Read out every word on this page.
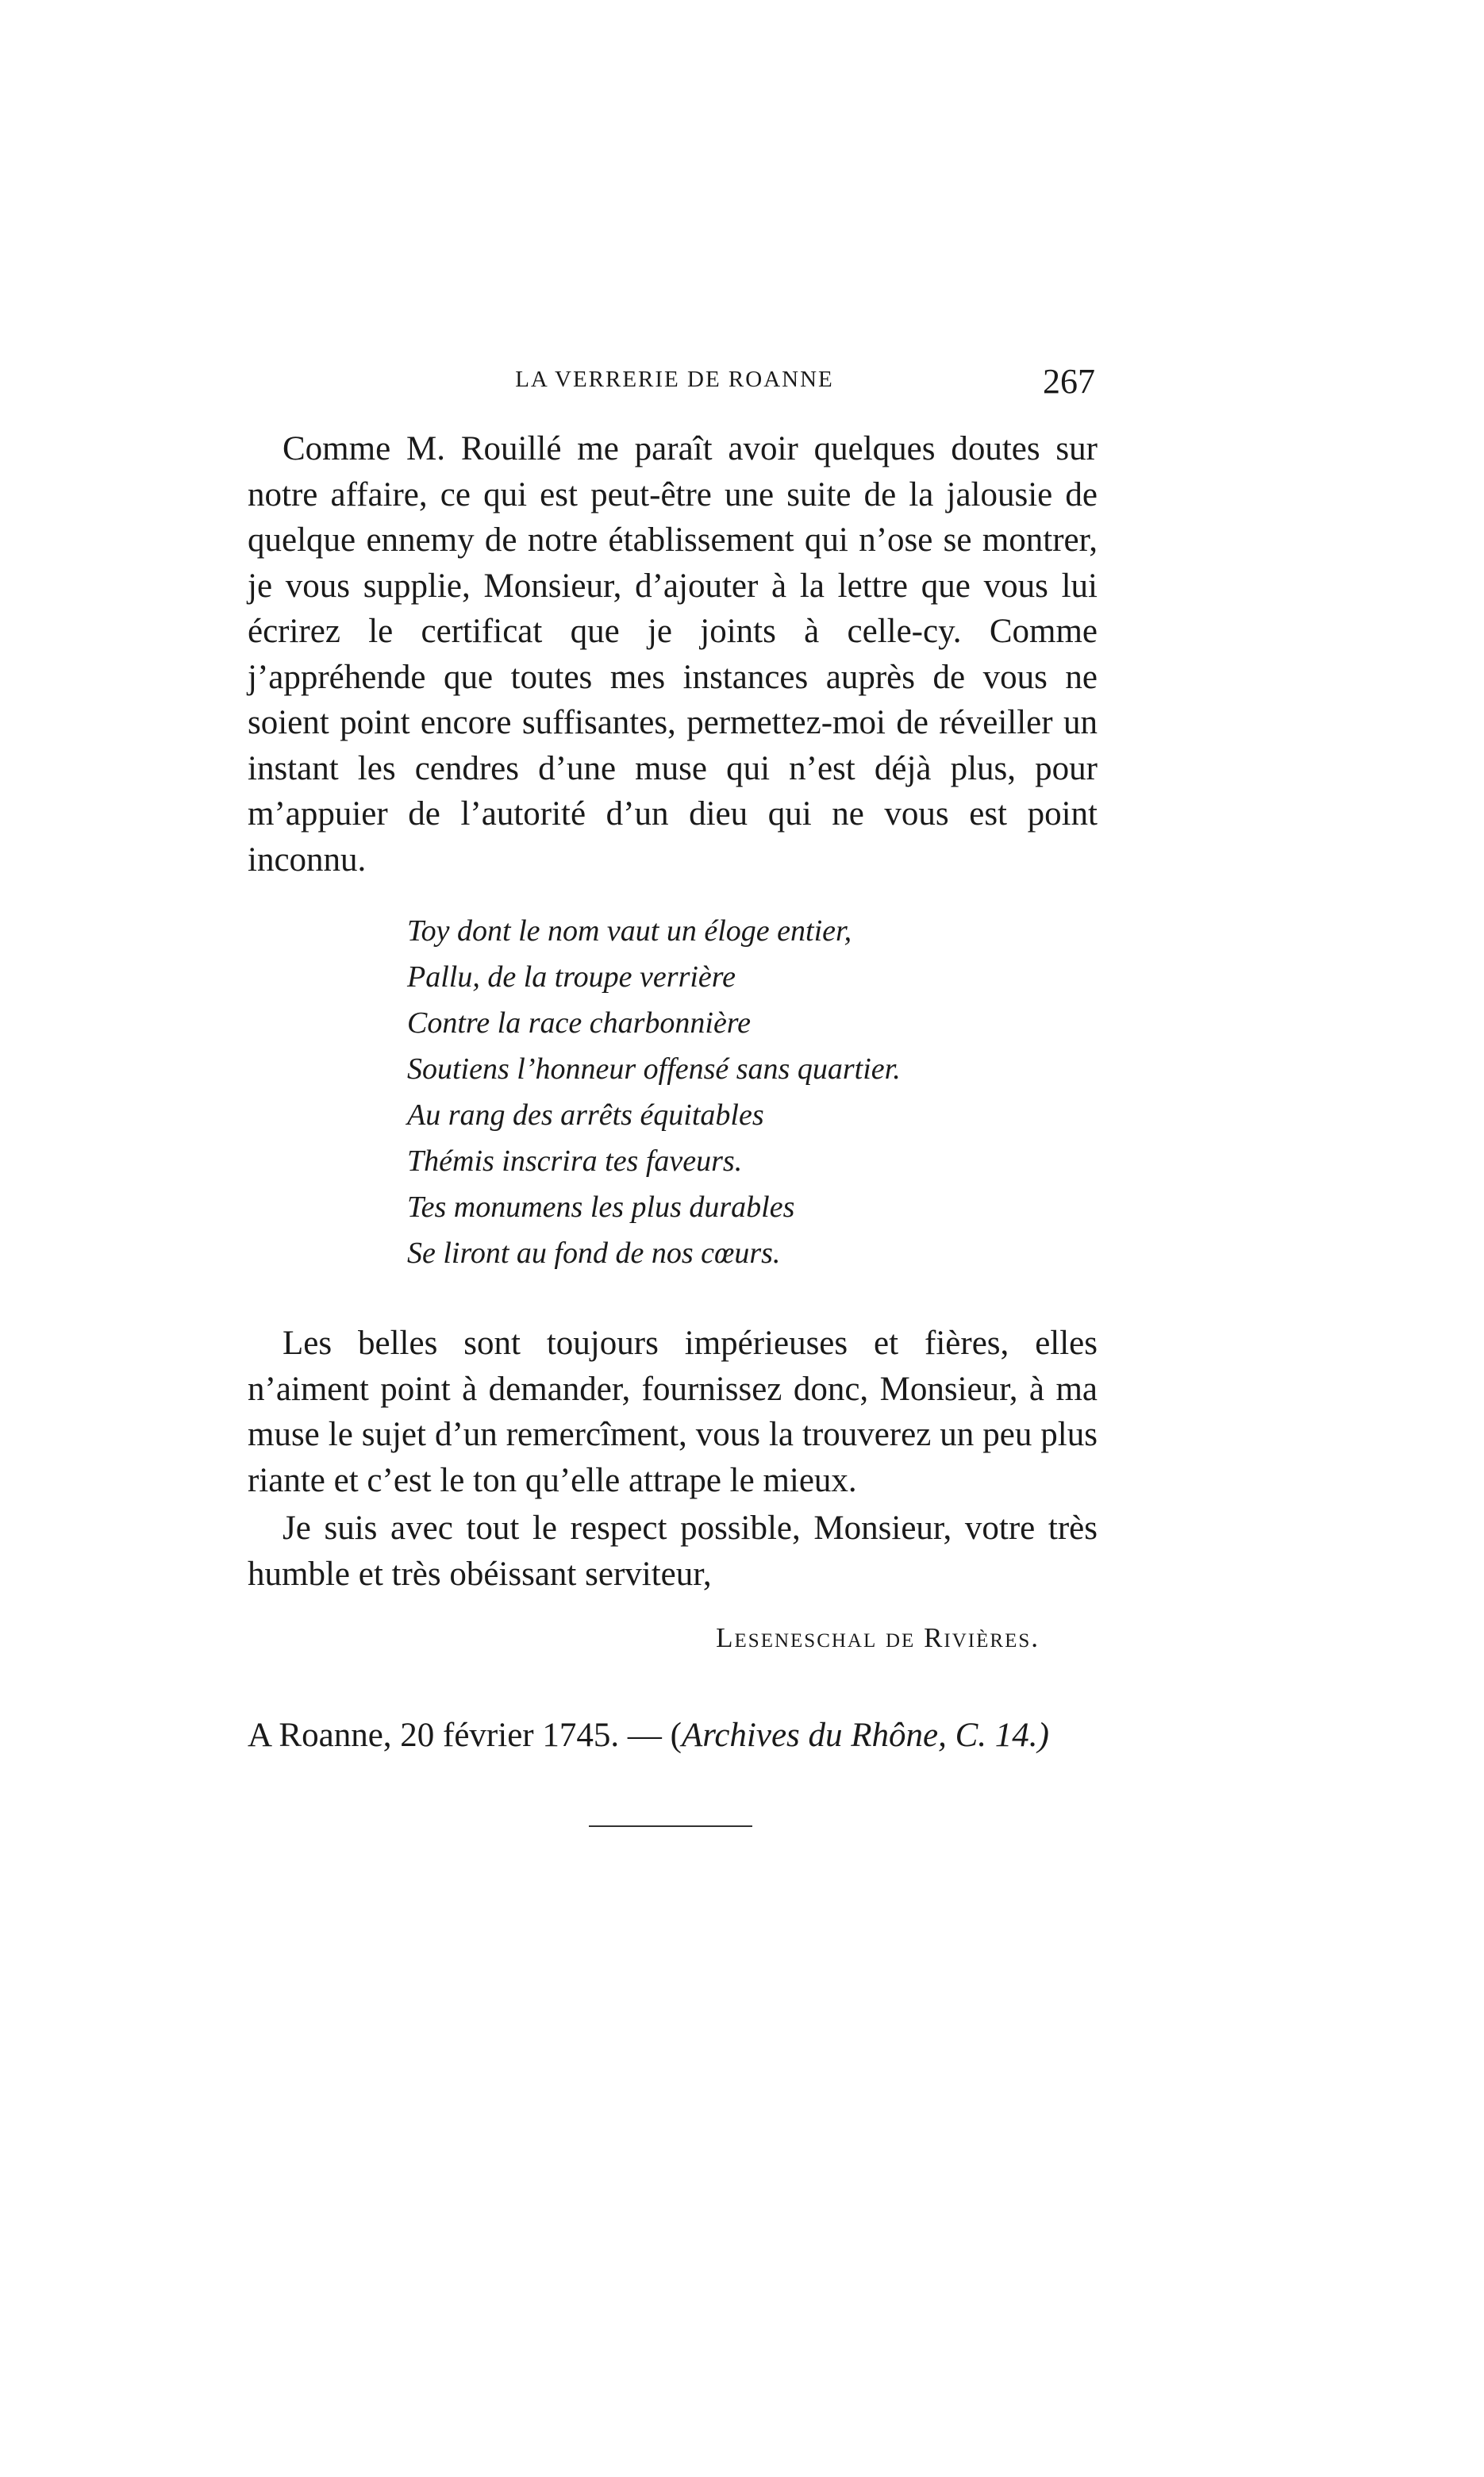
LA VERRERIE DE ROANNE	267

Comme M. Rouillé me paraît avoir quelques doutes sur notre affaire, ce qui est peut-être une suite de la jalousie de quelque ennemy de notre établissement qui n’ose se montrer, je vous supplie, Monsieur, d’ajouter à la lettre que vous lui écrirez le certificat que je joints à celle-cy. Comme j’appréhende que toutes mes instances auprès de vous ne soient point encore suffisantes, permettez-moi de réveiller un instant les cendres d’une muse qui n’est déjà plus, pour m’appuier de l’autorité d’un dieu qui ne vous est point inconnu.

Toy dont le nom vaut un éloge entier,
Pallu, de la troupe verrière
Contre la race charbonnière
Soutiens l’honneur offensé sans quartier.
Au rang des arrêts équitables
Thémis inscrira tes faveurs.
Tes monumens les plus durables
Se liront au fond de nos cœurs.

Les belles sont toujours impérieuses et fières, elles n’aiment point à demander, fournissez donc, Monsieur, à ma muse le sujet d’un remercîment, vous la trouverez un peu plus riante et c’est le ton qu’elle attrape le mieux.

Je suis avec tout le respect possible, Monsieur, votre très humble et très obéissant serviteur,

Leseneschal de Rivières.
A Roanne, 20 février 1745. — (Archives du Rhône, C. 14.)
